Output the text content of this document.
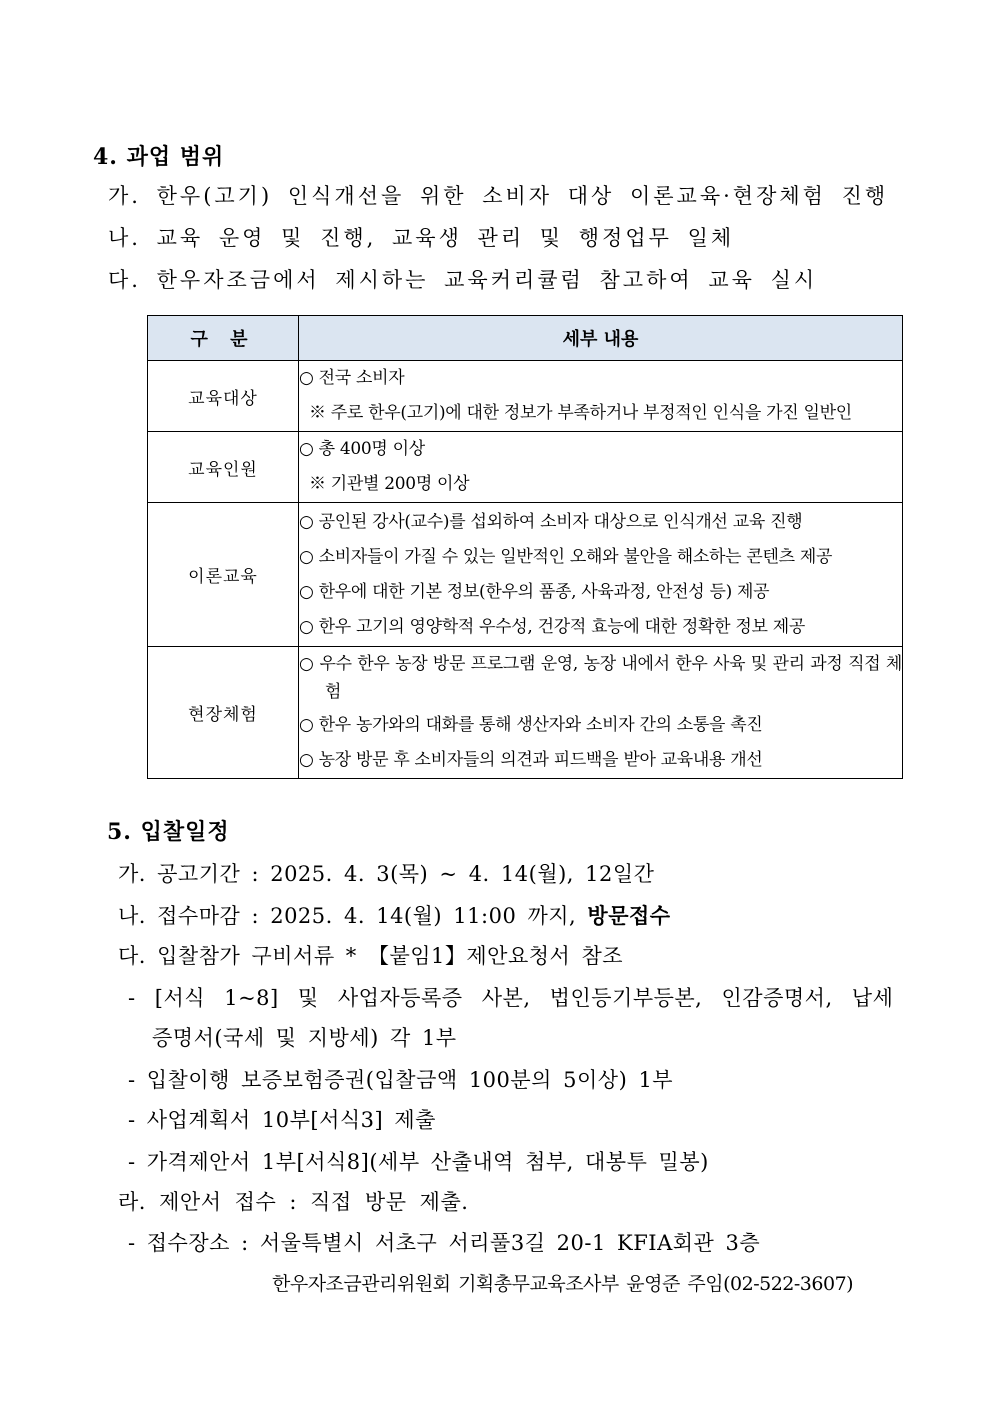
4. 과업 범위
가. 한우(고기) 인식개선을 위한 소비자 대상 이론교육·현장체험 진행
나. 교육 운영 및 진행, 교육생 관리 및 행정업무 일체
다. 한우자조금에서 제시하는 교육커리큘럼 참고하여 교육 실시
구 분	세부 내용
교육대상	○ 전국 소비자
※ 주로 한우(고기)에 대한 정보가 부족하거나 부정적인 인식을 가진 일반인

교육인원	○ 총 400명 이상
※ 기관별 200명 이상

이론교육	○ 공인된 강사(교수)를 섭외하여 소비자 대상으로 인식개선 교육 진행
○ 소비자들이 가질 수 있는 일반적인 오해와 불안을 해소하는 콘텐츠 제공
○ 한우에 대한 기본 정보(한우의 품종, 사육과정, 안전성 등) 제공
○ 한우 고기의 영양학적 우수성, 건강적 효능에 대한 정확한 정보 제공

현장체험	○ 우수 한우 농장 방문 프로그램 운영, 농장 내에서 한우 사육 및 관리 과정 직접 체험
○ 한우 농가와의 대화를 통해 생산자와 소비자 간의 소통을 촉진
○ 농장 방문 후 소비자들의 의견과 피드백을 받아 교육내용 개선
5. 입찰일정
가. 공고기간 : 2025. 4. 3(목) ~ 4. 14(월), 12일간
나. 접수마감 : 2025. 4. 14(월) 11:00 까지, 방문접수
다. 입찰참가 구비서류 * 【붙임1】제안요청서 참조
- [서식 1~8] 및 사업자등록증 사본, 법인등기부등본, 인감증명서, 납세
증명서(국세 및 지방세) 각 1부
- 입찰이행 보증보험증권(입찰금액 100분의 5이상) 1부
- 사업계획서 10부[서식3] 제출
- 가격제안서 1부[서식8](세부 산출내역 첨부, 대봉투 밀봉)
라. 제안서 접수 : 직접 방문 제출.
- 접수장소 : 서울특별시 서초구 서리풀3길 20-1 KFIA회관 3층
한우자조금관리위원회 기획총무교육조사부 윤영준 주임(02-522-3607)
